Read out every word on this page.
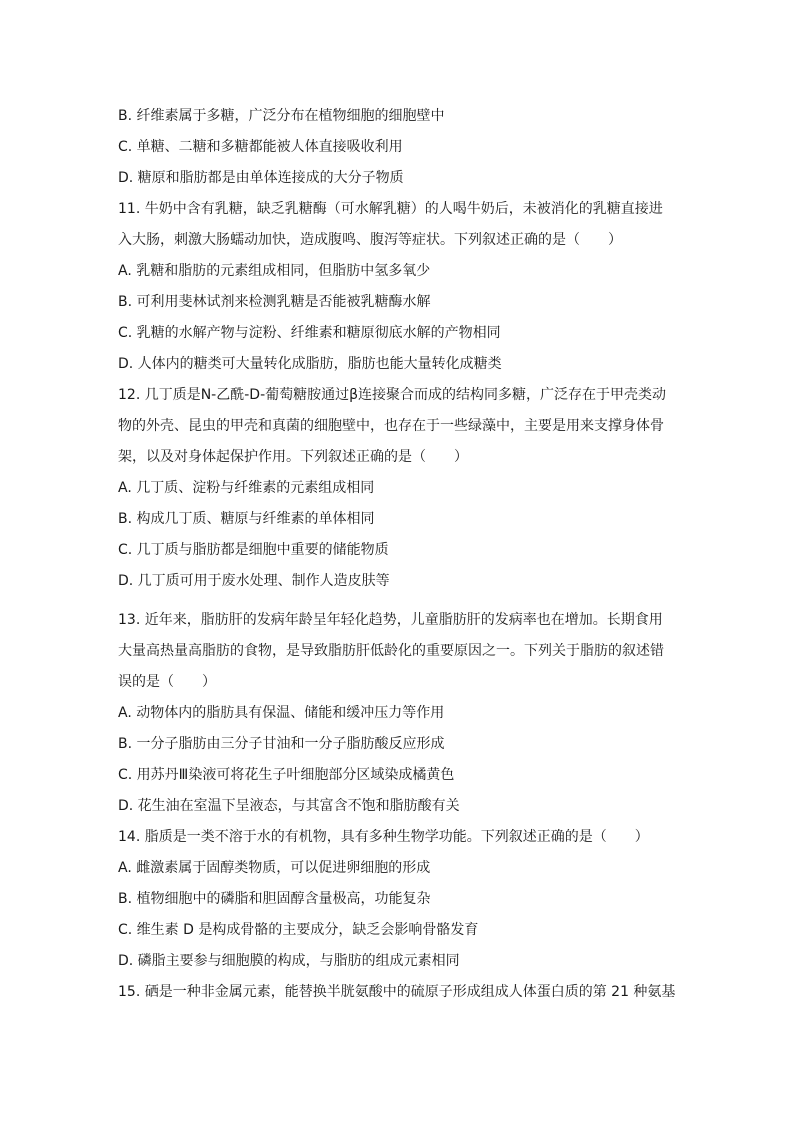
B. 纤维素属于多糖，广泛分布在植物细胞的细胞壁中

C. 单糖、二糖和多糖都能被人体直接吸收利用

D. 糖原和脂肪都是由单体连接成的大分子物质

11. 牛奶中含有乳糖，缺乏乳糖酶（可水解乳糖）的人喝牛奶后，未被消化的乳糖直接进

入大肠，刺激大肠蠕动加快，造成腹鸣、腹泻等症状。下列叙述正确的是（　　）

A. 乳糖和脂肪的元素组成相同，但脂肪中氢多氧少

B. 可利用斐林试剂来检测乳糖是否能被乳糖酶水解

C. 乳糖的水解产物与淀粉、纤维素和糖原彻底水解的产物相同

D. 人体内的糖类可大量转化成脂肪，脂肪也能大量转化成糖类

12. 几丁质是N-乙酰-D-葡萄糖胺通过β连接聚合而成的结构同多糖，广泛存在于甲壳类动

物的外壳、昆虫的甲壳和真菌的细胞壁中，也存在于一些绿藻中，主要是用来支撑身体骨

架，以及对身体起保护作用。下列叙述正确的是（　　）

A. 几丁质、淀粉与纤维素的元素组成相同

B. 构成几丁质、糖原与纤维素的单体相同

C. 几丁质与脂肪都是细胞中重要的储能物质

D. 几丁质可用于废水处理、制作人造皮肤等

13. 近年来，脂肪肝的发病年龄呈年轻化趋势，儿童脂肪肝的发病率也在增加。长期食用

大量高热量高脂肪的食物，是导致脂肪肝低龄化的重要原因之一。下列关于脂肪的叙述错

误的是（　　）

A. 动物体内的脂肪具有保温、储能和缓冲压力等作用

B. 一分子脂肪由三分子甘油和一分子脂肪酸反应形成

C. 用苏丹Ⅲ染液可将花生子叶细胞部分区域染成橘黄色

D. 花生油在室温下呈液态，与其富含不饱和脂肪酸有关

14. 脂质是一类不溶于水的有机物，具有多种生物学功能。下列叙述正确的是（　　）

A. 雌激素属于固醇类物质，可以促进卵细胞的形成

B. 植物细胞中的磷脂和胆固醇含量极高，功能复杂

C. 维生素 D 是构成骨骼的主要成分，缺乏会影响骨骼发育

D. 磷脂主要参与细胞膜的构成，与脂肪的组成元素相同

15. 硒是一种非金属元素，能替换半胱氨酸中的硫原子形成组成人体蛋白质的第 21 种氨基
